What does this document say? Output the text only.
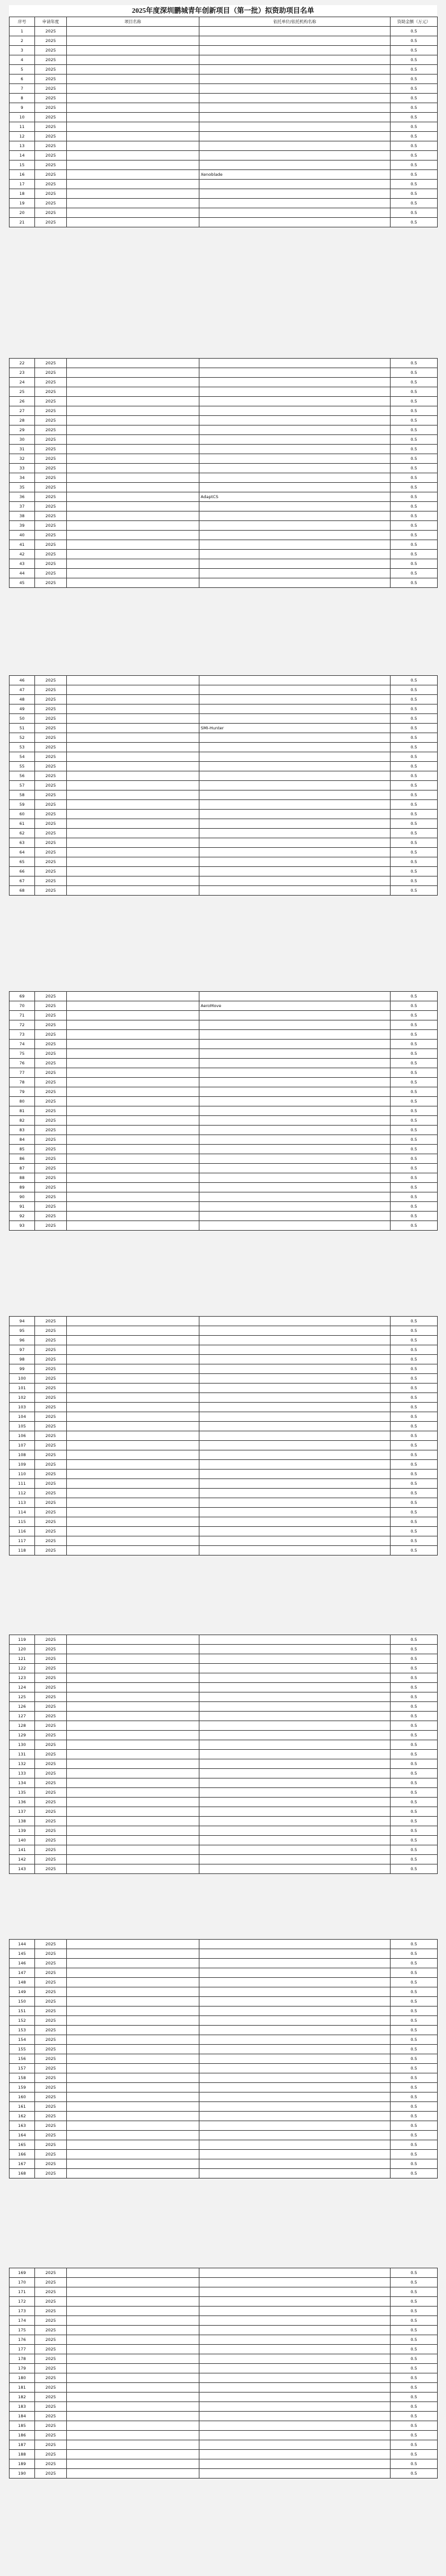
2025年度深圳鹏城青年创新项目（第一批）拟资助项目名单
序号	申请年度	项目名称	依托单位/依托机构名称	资助金额（万元）
1	2025			0.5
2	2025			0.5
3	2025			0.5
4	2025			0.5
5	2025			0.5
6	2025			0.5
7	2025			0.5
8	2025			0.5
9	2025			0.5
10	2025			0.5
11	2025			0.5
12	2025			0.5
13	2025			0.5
14	2025			0.5
15	2025			0.5
16	2025		Xenoblade	0.5
17	2025			0.5
18	2025			0.5
19	2025			0.5
20	2025			0.5
21	2025			0.5
22	2025			0.5
23	2025			0.5
24	2025			0.5
25	2025			0.5
26	2025			0.5
27	2025			0.5
28	2025			0.5
29	2025			0.5
30	2025			0.5
31	2025			0.5
32	2025			0.5
33	2025			0.5
34	2025			0.5
35	2025			0.5
36	2025		AdaptCS	0.5
37	2025			0.5
38	2025			0.5
39	2025			0.5
40	2025			0.5
41	2025			0.5
42	2025			0.5
43	2025			0.5
44	2025			0.5
45	2025			0.5
46	2025			0.5
47	2025			0.5
48	2025			0.5
49	2025			0.5
50	2025			0.5
51	2025		SMI-Hunter	0.5
52	2025			0.5
53	2025			0.5
54	2025			0.5
55	2025			0.5
56	2025			0.5
57	2025			0.5
58	2025			0.5
59	2025			0.5
60	2025			0.5
61	2025			0.5
62	2025			0.5
63	2025			0.5
64	2025			0.5
65	2025			0.5
66	2025			0.5
67	2025			0.5
68	2025			0.5
69	2025			0.5
70	2025		AeroMove	0.5
71	2025			0.5
72	2025			0.5
73	2025			0.5
74	2025			0.5
75	2025			0.5
76	2025			0.5
77	2025			0.5
78	2025			0.5
79	2025			0.5
80	2025			0.5
81	2025			0.5
82	2025			0.5
83	2025			0.5
84	2025			0.5
85	2025			0.5
86	2025			0.5
87	2025			0.5
88	2025			0.5
89	2025			0.5
90	2025			0.5
91	2025			0.5
92	2025			0.5
93	2025			0.5
94	2025			0.5
95	2025			0.5
96	2025			0.5
97	2025			0.5
98	2025			0.5
99	2025			0.5
100	2025			0.5
101	2025			0.5
102	2025			0.5
103	2025			0.5
104	2025			0.5
105	2025			0.5
106	2025			0.5
107	2025			0.5
108	2025			0.5
109	2025			0.5
110	2025			0.5
111	2025			0.5
112	2025			0.5
113	2025			0.5
114	2025			0.5
115	2025			0.5
116	2025			0.5
117	2025			0.5
118	2025			0.5
119	2025			0.5
120	2025			0.5
121	2025			0.5
122	2025			0.5
123	2025			0.5
124	2025			0.5
125	2025			0.5
126	2025			0.5
127	2025			0.5
128	2025			0.5
129	2025			0.5
130	2025			0.5
131	2025			0.5
132	2025			0.5
133	2025			0.5
134	2025			0.5
135	2025			0.5
136	2025			0.5
137	2025			0.5
138	2025			0.5
139	2025			0.5
140	2025			0.5
141	2025			0.5
142	2025			0.5
143	2025			0.5
144	2025			0.5
145	2025			0.5
146	2025			0.5
147	2025			0.5
148	2025			0.5
149	2025			0.5
150	2025			0.5
151	2025			0.5
152	2025			0.5
153	2025			0.5
154	2025			0.5
155	2025			0.5
156	2025			0.5
157	2025			0.5
158	2025			0.5
159	2025			0.5
160	2025			0.5
161	2025			0.5
162	2025			0.5
163	2025			0.5
164	2025			0.5
165	2025			0.5
166	2025			0.5
167	2025			0.5
168	2025			0.5
169	2025			0.5
170	2025			0.5
171	2025			0.5
172	2025			0.5
173	2025			0.5
174	2025			0.5
175	2025			0.5
176	2025			0.5
177	2025			0.5
178	2025			0.5
179	2025			0.5
180	2025			0.5
181	2025			0.5
182	2025			0.5
183	2025			0.5
184	2025			0.5
185	2025			0.5
186	2025			0.5
187	2025			0.5
188	2025			0.5
189	2025			0.5
190	2025			0.5
